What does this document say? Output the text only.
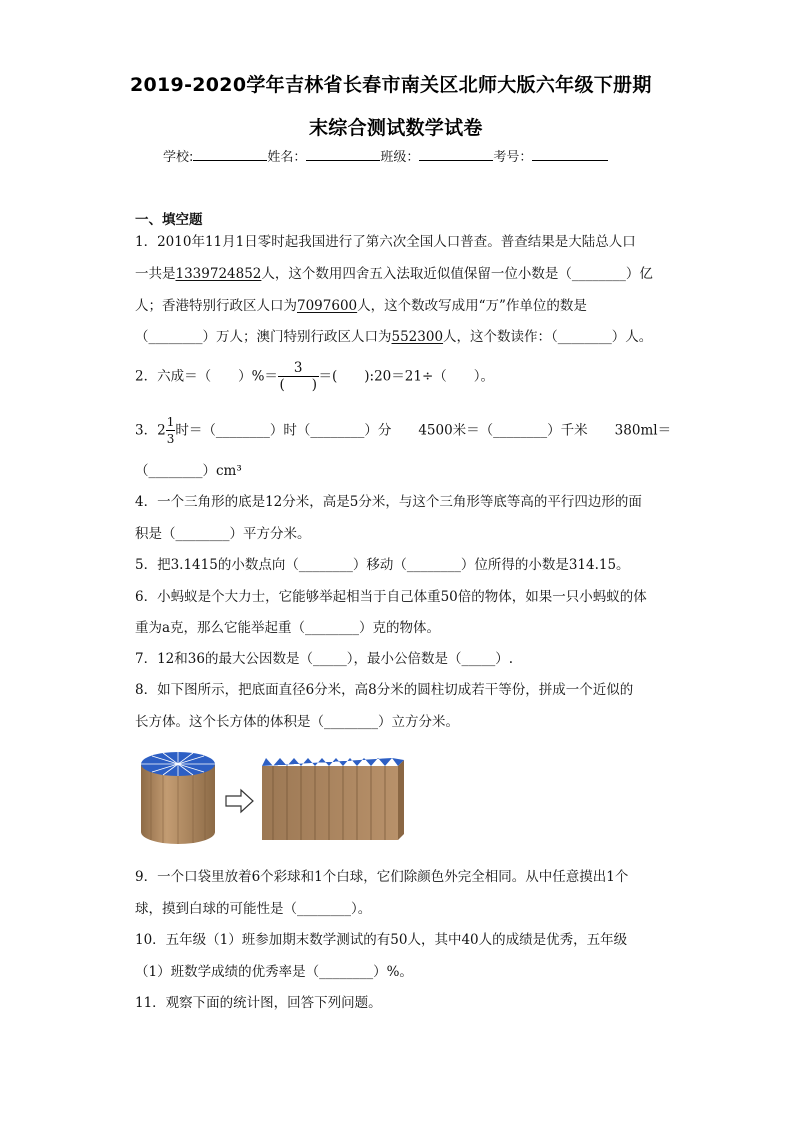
2019-2020学年吉林省长春市南关区北师大版六年级下册期
末综合测试数学试卷
学校:	姓名：	班级：	考号：
一、填空题
1．2010年11月1日零时起我国进行了第六次全国人口普查。普查结果是大陆总人口
一共是1339724852人，这个数用四舍五入法取近似值保留一位小数是（________）亿
人；香港特别行政区人口为7097600人，这个数改写成用“万”作单位的数是
（________）万人；澳门特别行政区人口为552300人，这个数读作：（________）人。
2．六成＝（　　）%＝ $\frac{3}{( )}$ ＝(　　):20＝21÷（　　）。
3．$2 \frac{1}{3}$ 时＝（________）时（________）分　　4500米＝（________）千米　　380ml＝
（________）cm³
4．一个三角形的底是12分米，高是5分米，与这个三角形等底等高的平行四边形的面
积是（________）平方分米。
5．把3.1415的小数点向（________）移动（________）位所得的小数是314.15。
6．小蚂蚁是个大力士，它能够举起相当于自己体重50倍的物体，如果一只小蚂蚁的体
重为a克，那么它能举起重（________）克的物体。
7．12和36的最大公因数是（_____），最小公倍数是（_____）.
8．如下图所示，把底面直径6分米，高8分米的圆柱切成若干等份，拼成一个近似的
长方体。这个长方体的体积是（________）立方分米。
9．一个口袋里放着6个彩球和1个白球，它们除颜色外完全相同。从中任意摸出1个
球，摸到白球的可能性是（________）。
10．五年级（1）班参加期末数学测试的有50人，其中40人的成绩是优秀，五年级
（1）班数学成绩的优秀率是（________）%。
11．观察下面的统计图，回答下列问题。
